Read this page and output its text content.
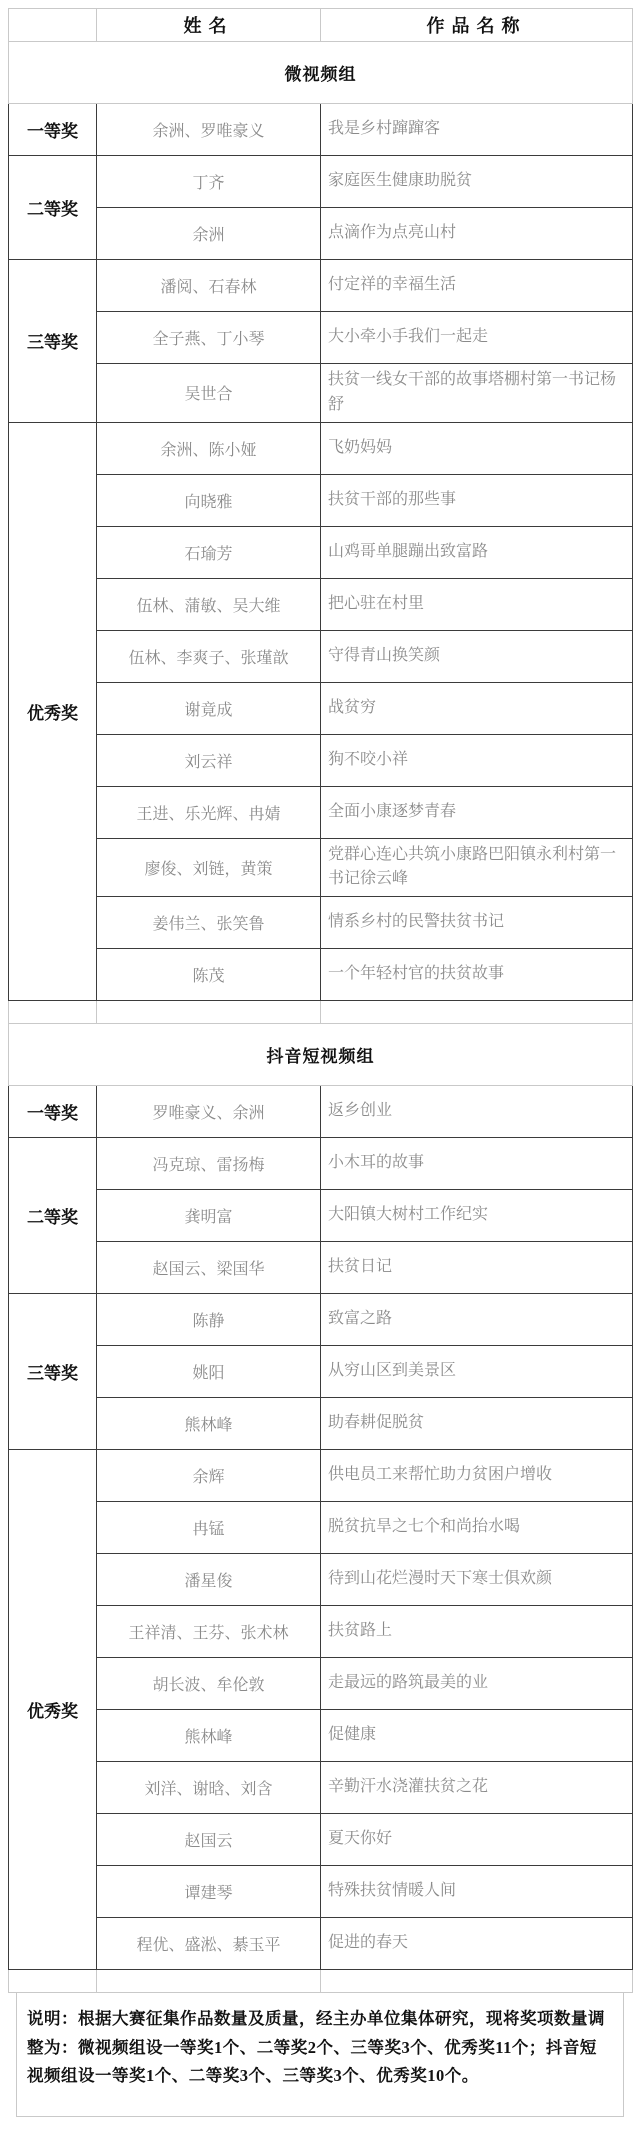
	姓名	作品名称
微视频组		
一等奖	余洲、罗唯豪义	我是乡村蹿蹿客
二等奖	丁齐	家庭医生健康助脱贫
	余洲	点滴作为点亮山村
三等奖	潘阅、石春林	付定祥的幸福生活
	全子燕、丁小琴	大小牵小手我们一起走
	吴世合	扶贫一线女干部的故事塔棚村第一书记杨舒
优秀奖	余洲、陈小娅	飞奶妈妈
	向晓雅	扶贫干部的那些事
	石瑜芳	山鸡哥单腿蹦出致富路
	伍林、蒲敏、吴大维	把心驻在村里
	伍林、李爽子、张瑾歆	守得青山换笑颜
	谢竟成	战贫穷
	刘云祥	狗不咬小祥
	王进、乐光辉、冉婧	全面小康逐梦青春
	廖俊、刘链，黄策	党群心连心共筑小康路巴阳镇永利村第一书记徐云峰
	姜伟兰、张笑鲁	情系乡村的民警扶贫书记
	陈茂	一个年轻村官的扶贫故事

抖音短视频组		
一等奖	罗唯豪义、余洲	返乡创业
二等奖	冯克琼、雷扬梅	小木耳的故事
	龚明富	大阳镇大树村工作纪实
	赵国云、梁国华	扶贫日记
三等奖	陈静	致富之路
	姚阳	从穷山区到美景区
	熊林峰	助春耕促脱贫
优秀奖	余辉	供电员工来帮忙助力贫困户增收
	冉锰	脱贫抗旱之七个和尚抬水喝
	潘星俊	待到山花烂漫时天下寒士俱欢颜
	王祥清、王芬、张术林	扶贫路上
	胡长波、牟伦敦	走最远的路筑最美的业
	熊林峰	促健康
	刘洋、谢晗、刘含	辛勤汗水浇灌扶贫之花
	赵国云	夏天你好
	谭建琴	特殊扶贫情暖人间
	程优、盛淞、綦玉平	促进的春天

说明：根据大赛征集作品数量及质量，经主办单位集体研究，现将奖项数量调整为：微视频组设一等奖1个、二等奖2个、三等奖3个、优秀奖11个；抖音短视频组设一等奖1个、二等奖3个、三等奖3个、优秀奖10个。
